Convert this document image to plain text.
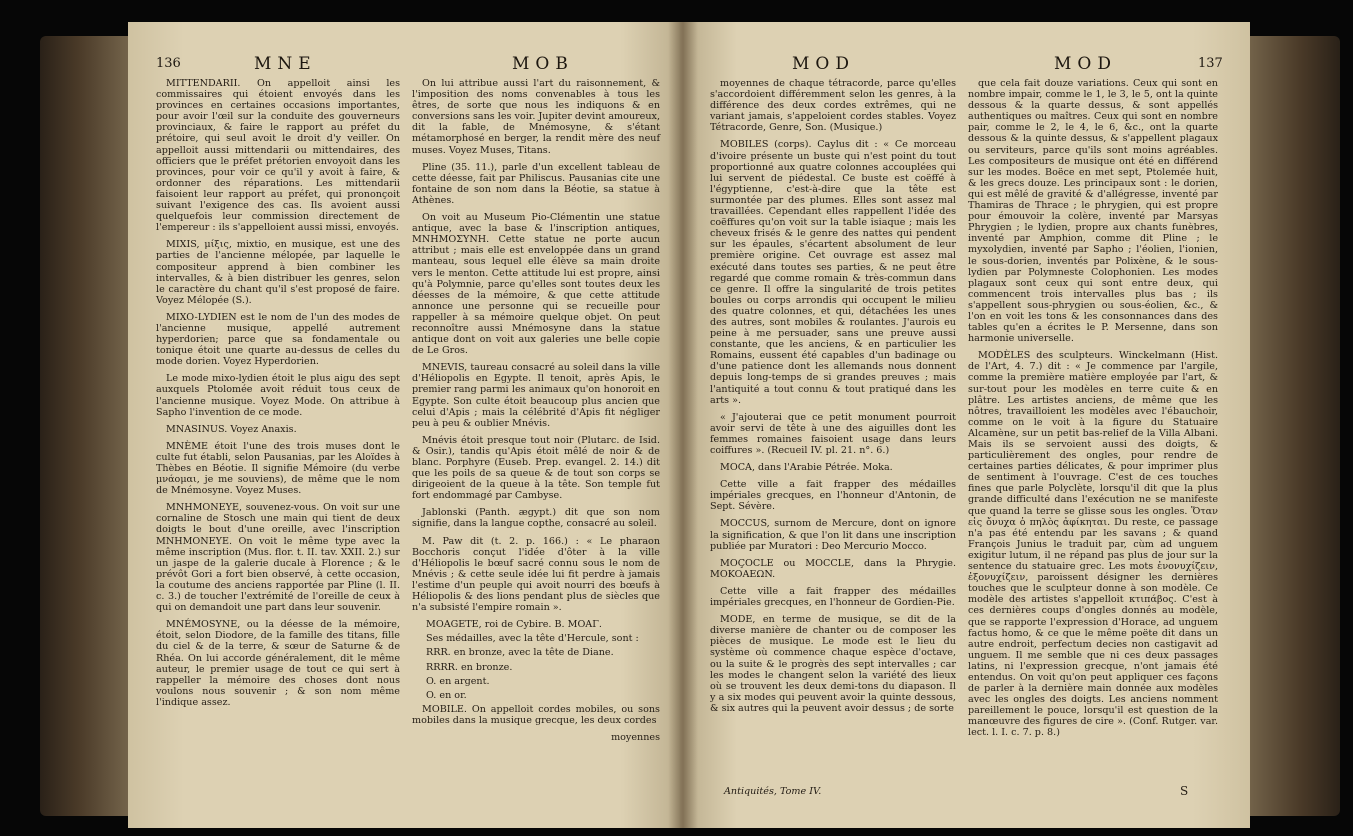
136	MNE	MOB

MITTENDARII. On appelloit ainsi les commissaires qui étoient envoyés dans les provinces en certaines occasions importantes, pour avoir l'œil sur la conduite des gouverneurs provinciaux, & faire le rapport au préfet du prétoire, qui seul avoit le droit d'y veiller. On appelloit aussi mittendarii ou mittendaires, des officiers que le préfet prétorien envoyoit dans les provinces, pour voir ce qu'il y avoit à faire, & ordonner des réparations. Les mittendarii faisoient leur rapport au préfet, qui prononçoit suivant l'exigence des cas. Ils avoient aussi quelquefois leur commission directement de l'empereur : ils s'appelloient aussi missi, envoyés.

MIXIS, μίξις, mixtio, en musique, est une des parties de l'ancienne mélopée, par laquelle le compositeur apprend à bien combiner les intervalles, & à bien distribuer les genres, selon le caractère du chant qu'il s'est proposé de faire. Voyez Mélopée (S.).

MIXO-LYDIEN est le nom de l'un des modes de l'ancienne musique, appellé autrement hyperdorien; parce que sa fondamentale ou tonique étoit une quarte au-dessus de celles du mode dorien. Voyez Hyperdorien.

Le mode mixo-lydien étoit le plus aigu des sept auxquels Ptolomée avoit réduit tous ceux de l'ancienne musique. Voyez Mode. On attribue à Sapho l'invention de ce mode.

MNASINUS. Voyez Anaxis.

MNÈME étoit l'une des trois muses dont le culte fut établi, selon Pausanias, par les Aloïdes à Thèbes en Béotie. Il signifie Mémoire (du verbe μνάομαι, je me souviens), de même que le nom de Mnémosyne. Voyez Muses.

MNHMONEYE, souvenez-vous. On voit sur une cornaline de Stosch une main qui tient de deux doigts le bout d'une oreille, avec l'inscription MNHMONEYE. On voit le même type avec la même inscription (Mus. flor. t. II. tav. XXII. 2.) sur un jaspe de la galerie ducale à Florence ; & le prévôt Gori a fort bien observé, à cette occasion, la coutume des anciens rapportée par Pline (l. II. c. 3.) de toucher l'extrémité de l'oreille de ceux à qui on demandoit une part dans leur souvenir.

MNÉMOSYNE, ou la déesse de la mémoire, étoit, selon Diodore, de la famille des titans, fille du ciel & de la terre, & sœur de Saturne & de Rhéa. On lui accorde généralement, dit le même auteur, le premier usage de tout ce qui sert à rappeller la mémoire des choses dont nous voulons nous souvenir ; & son nom même l'indique assez.

On lui attribue aussi l'art du raisonnement, & l'imposition des noms convenables à tous les êtres, de sorte que nous les indiquons & en conversions sans les voir. Jupiter devint amoureux, dit la fable, de Mnémosyne, & s'étant métamorphosé en berger, la rendit mère des neuf muses. Voyez Muses, Titans.

Pline (35. 11.), parle d'un excellent tableau de cette déesse, fait par Philiscus. Pausanias cite une fontaine de son nom dans la Béotie, sa statue à Athènes.

On voit au Museum Pio-Clémentin une statue antique, avec la base & l'inscription antiques, MNHMOΣYNH. Cette statue ne porte aucun attribut ; mais elle est enveloppée dans un grand manteau, sous lequel elle élève sa main droite vers le menton. Cette attitude lui est propre, ainsi qu'à Polymnie, parce qu'elles sont toutes deux les déesses de la mémoire, & que cette attitude annonce une personne qui se recueille pour rappeller à sa mémoire quelque objet. On peut reconnoître aussi Mnémosyne dans la statue antique dont on voit aux galeries une belle copie de Le Gros.

MNEVIS, taureau consacré au soleil dans la ville d'Héliopolis en Egypte. Il tenoit, après Apis, le premier rang parmi les animaux qu'on honoroit en Egypte. Son culte étoit beaucoup plus ancien que celui d'Apis ; mais la célébrité d'Apis fit négliger peu à peu & oublier Mnévis.

Mnévis étoit presque tout noir (Plutarc. de Isid. & Osir.), tandis qu'Apis étoit mêlé de noir & de blanc. Porphyre (Euseb. Prep. evangel. 2. 14.) dit que les poils de sa queue & de tout son corps se dirigeoient de la queue à la tête. Son temple fut fort endommagé par Cambyse.

Jablonski (Panth. ægypt.) dit que son nom signifie, dans la langue copthe, consacré au soleil.

M. Paw dit (t. 2. p. 166.) : « Le pharaon Bocchoris conçut l'idée d'ôter à la ville d'Héliopolis le bœuf sacré connu sous le nom de Mnévis ; & cette seule idée lui fit perdre à jamais l'estime d'un peuple qui avoit nourri des bœufs à Héliopolis & des lions pendant plus de siècles que n'a subsisté l'empire romain ».

MOAGETE, roi de Cybire. B. MOAΓ.

Ses médailles, avec la tête d'Hercule, sont :

RRR. en bronze, avec la tête de Diane.

RRRR. en bronze.

O. en argent.

O. en or.

MOBILE. On appelloit cordes mobiles, ou sons mobiles dans la musique grecque, les deux cordes

moyennes
MOD	MOD	137

moyennes de chaque tétracorde, parce qu'elles s'accordoient différemment selon les genres, à la différence des deux cordes extrêmes, qui ne variant jamais, s'appeloient cordes stables. Voyez Tétracorde, Genre, Son. (Musique.)

MOBILES (corps). Caylus dit : « Ce morceau d'ivoire présente un buste qui n'est point du tout proportionné aux quatre colonnes accouplées qui lui servent de piédestal. Ce buste est coëffé à l'égyptienne, c'est-à-dire que la tête est surmontée par des plumes. Elles sont assez mal travaillées. Cependant elles rappellent l'idée des coëffures qu'on voit sur la table isiaque ; mais les cheveux frisés & le genre des nattes qui pendent sur les épaules, s'écartent absolument de leur première origine. Cet ouvrage est assez mal exécuté dans toutes ses parties, & ne peut être regardé que comme romain & très-commun dans ce genre. Il offre la singularité de trois petites boules ou corps arrondis qui occupent le milieu des quatre colonnes, et qui, détachées les unes des autres, sont mobiles & roulantes. J'aurois eu peine à me persuader, sans une preuve aussi constante, que les anciens, & en particulier les Romains, eussent été capables d'un badinage ou d'une patience dont les allemands nous donnent depuis long-temps de si grandes preuves ; mais l'antiquité a tout connu & tout pratiqué dans les arts ».

« J'ajouterai que ce petit monument pourroit avoir servi de tête à une des aiguilles dont les femmes romaines faisoient usage dans leurs coiffures ». (Recueil IV. pl. 21. n°. 6.)

MOCA, dans l'Arabie Pétrée. Moka.

Cette ville a fait frapper des médailles impériales grecques, en l'honneur d'Antonin, de Sept. Sévère.

MOCCUS, surnom de Mercure, dont on ignore la signification, & que l'on lit dans une inscription publiée par Muratori : Deo Mercurio Mocco.

MOÇOCLE ou MOCCLE, dans la Phrygie. MOKOAEΩN.

Cette ville a fait frapper des médailles impériales grecques, en l'honneur de Gordien-Pie.

MODE, en terme de musique, se dit de la diverse manière de chanter ou de composer les pièces de musique. Le mode est le lieu du système où commence chaque espèce d'octave, ou la suite & le progrès des sept intervalles ; car les modes le changent selon la variété des lieux où se trouvent les deux demi-tons du diapason. Il y a six modes qui peuvent avoir la quinte dessous, & six autres qui la peuvent avoir dessus ; de sorte

que cela fait douze variations. Ceux qui sont en nombre impair, comme le 1, le 3, le 5, ont la quinte dessous & la quarte dessus, & sont appellés authentiques ou maîtres. Ceux qui sont en nombre pair, comme le 2, le 4, le 6, &c., ont la quarte dessous & la quinte dessus, & s'appellent plagaux ou serviteurs, parce qu'ils sont moins agréables. Les compositeurs de musique ont été en différend sur les modes. Boëce en met sept, Ptolemée huit, & les grecs douze. Les principaux sont : le dorien, qui est mêlé de gravité & d'allégresse, inventé par Thamiras de Thrace ; le phrygien, qui est propre pour émouvoir la colère, inventé par Marsyas Phrygien ; le lydien, propre aux chants funèbres, inventé par Amphion, comme dit Pline ; le myxolydien, inventé par Sapho ; l'éolien, l'ionien, le sous-dorien, inventés par Polixène, & le sous-lydien par Polymneste Colophonien. Les modes plagaux sont ceux qui sont entre deux, qui commencent trois intervalles plus bas ; ils s'appellent sous-phrygien ou sous-éolien, &c., & l'on en voit les tons & les consonnances dans des tables qu'en a écrites le P. Mersenne, dans son harmonie universelle.

MODÈLES des sculpteurs. Winckelmann (Hist. de l'Art, 4. 7.) dit : « Je commence par l'argile, comme la première matière employée par l'art, & sur-tout pour les modèles en terre cuite & en plâtre. Les artistes anciens, de même que les nôtres, travailloient les modèles avec l'ébauchoir, comme on le voit à la figure du Statuaire Alcamène, sur un petit bas-relief de la Villa Albani. Mais ils se servoient aussi des doigts, & particulièrement des ongles, pour rendre de certaines parties délicates, & pour imprimer plus de sentiment à l'ouvrage. C'est de ces touches fines que parle Polyclète, lorsqu'il dit que la plus grande difficulté dans l'exécution ne se manifeste que quand la terre se glisse sous les ongles. Ὅταν εἰς ὄνυχα ὁ πηλὸς ἀφίκηται. Du reste, ce passage n'a pas été entendu par les savans ; & quand François Junius le traduit par, cùm ad unguem exigitur lutum, il ne répand pas plus de jour sur la sentence du statuaire grec. Les mots ἐνονυχίζειν, ἐξονυχίζειν, paroissent désigner les dernières touches que le sculpteur donne à son modèle. Ce modèle des artistes s'appelloit κτιπάβος. C'est à ces dernières coups d'ongles donnés au modèle, que se rapporte l'expression d'Horace, ad unguem factus homo, & ce que le même poëte dit dans un autre endroit, perfectum decies non castigavit ad unguem. Il me semble que ni ces deux passages latins, ni l'expression grecque, n'ont jamais été entendus. On voit qu'on peut appliquer ces façons de parler à la dernière main donnée aux modèles avec les ongles des doigts. Les anciens nomment pareillement le pouce, lorsqu'il est question de la manœuvre des figures de cire ». (Conf. Rutger. var. lect. l. I. c. 7. p. 8.)

Antiquités, Tome IV.	S
